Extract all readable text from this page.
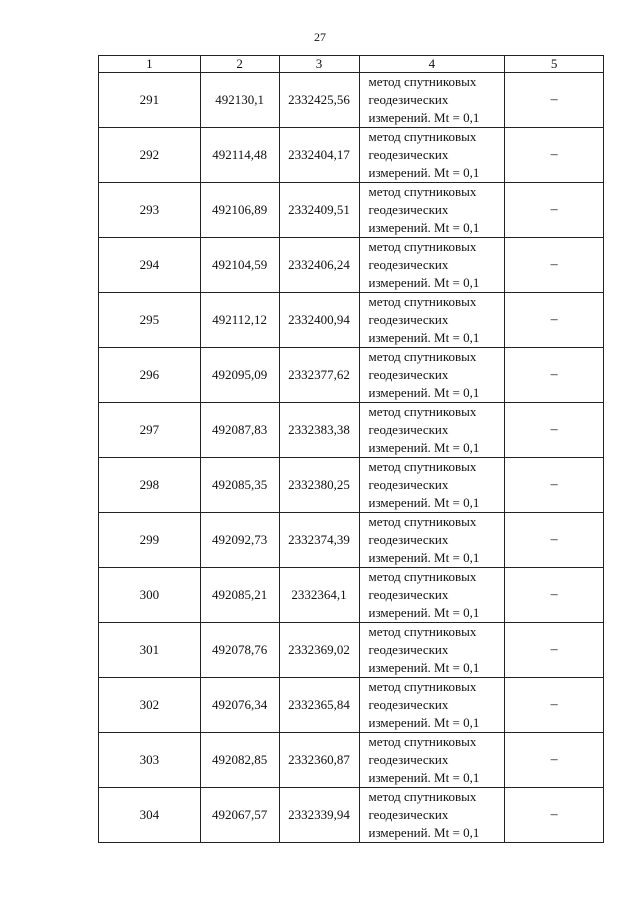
27
1	2	3	4	5
291	492130,1	2332425,56	метод спутниковых
геодезических
измерений. Mt = 0,1	–
292	492114,48	2332404,17	метод спутниковых
геодезических
измерений. Mt = 0,1	–
293	492106,89	2332409,51	метод спутниковых
геодезических
измерений. Mt = 0,1	–
294	492104,59	2332406,24	метод спутниковых
геодезических
измерений. Mt = 0,1	–
295	492112,12	2332400,94	метод спутниковых
геодезических
измерений. Mt = 0,1	–
296	492095,09	2332377,62	метод спутниковых
геодезических
измерений. Mt = 0,1	–
297	492087,83	2332383,38	метод спутниковых
геодезических
измерений. Mt = 0,1	–
298	492085,35	2332380,25	метод спутниковых
геодезических
измерений. Mt = 0,1	–
299	492092,73	2332374,39	метод спутниковых
геодезических
измерений. Mt = 0,1	–
300	492085,21	2332364,1	метод спутниковых
геодезических
измерений. Mt = 0,1	–
301	492078,76	2332369,02	метод спутниковых
геодезических
измерений. Mt = 0,1	–
302	492076,34	2332365,84	метод спутниковых
геодезических
измерений. Mt = 0,1	–
303	492082,85	2332360,87	метод спутниковых
геодезических
измерений. Mt = 0,1	–
304	492067,57	2332339,94	метод спутниковых
геодезических
измерений. Mt = 0,1	–
